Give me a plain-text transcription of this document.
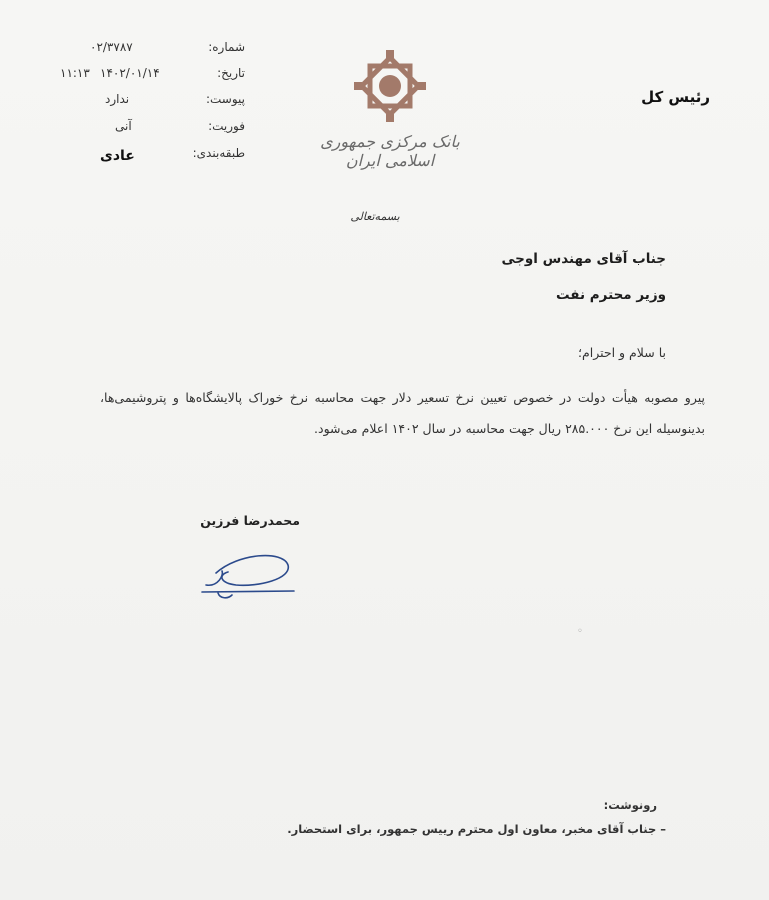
شماره:
۰۲/۳۷۸۷
تاریخ:
۱۴۰۲/۰۱/۱۴
۱۱:۱۳
پیوست:
ندارد
فوریت:
آنی
طبقه‌بندی:
عادی
بانک مرکزی جمهوری اسلامی ایران
رئیس کل
بسمه‌تعالی
جناب آقای مهندس اوجی
وزیر محترم نفت
با سلام و احترام؛
پیرو مصوبه هیأت دولت در خصوص تعیین نرخ تسعیر دلار جهت محاسبه نرخ خوراک پالایشگاه‌ها و پتروشیمی‌ها، بدینوسیله این نرخ ۲۸۵.۰۰۰ ریال جهت محاسبه در سال ۱۴۰۲ اعلام می‌شود.
محمدرضا فرزین
◦
رونوشت:
– جناب آقای مخبر، معاون اول محترم رییس جمهور، برای استحضار.
